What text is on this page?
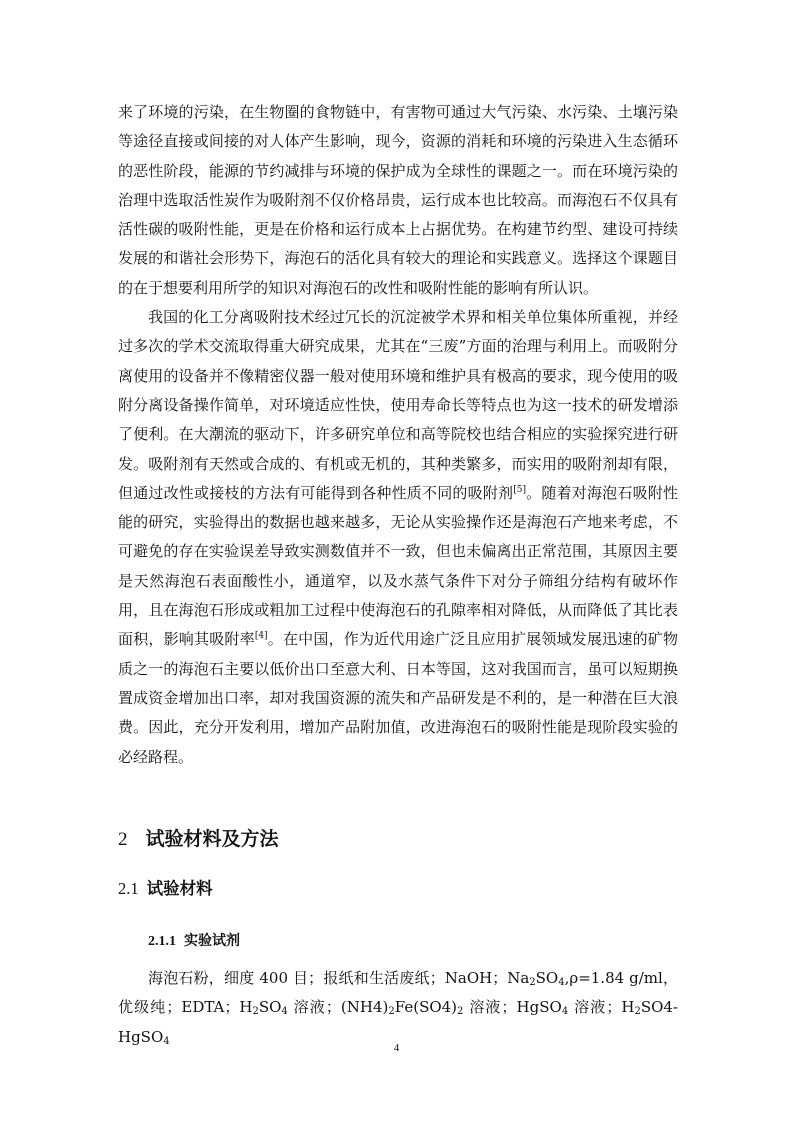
来了环境的污染，在生物圈的食物链中，有害物可通过大气污染、水污染、土壤污染等途径直接或间接的对人体产生影响，现今，资源的消耗和环境的污染进入生态循环的恶性阶段，能源的节约减排与环境的保护成为全球性的课题之一。而在环境污染的治理中选取活性炭作为吸附剂不仅价格昂贵，运行成本也比较高。而海泡石不仅具有活性碳的吸附性能，更是在价格和运行成本上占据优势。在构建节约型、建设可持续发展的和谐社会形势下，海泡石的活化具有较大的理论和实践意义。选择这个课题目的在于想要利用所学的知识对海泡石的改性和吸附性能的影响有所认识。

我国的化工分离吸附技术经过冗长的沉淀被学术界和相关单位集体所重视，并经过多次的学术交流取得重大研究成果，尤其在“三废”方面的治理与利用上。而吸附分离使用的设备并不像精密仪器一般对使用环境和维护具有极高的要求，现今使用的吸附分离设备操作简单，对环境适应性快，使用寿命长等特点也为这一技术的研发增添了便利。在大潮流的驱动下，许多研究单位和高等院校也结合相应的实验探究进行研发。吸附剂有天然或合成的、有机或无机的，其种类繁多，而实用的吸附剂却有限，但通过改性或接枝的方法有可能得到各种性质不同的吸附剂[5]。随着对海泡石吸附性能的研究，实验得出的数据也越来越多，无论从实验操作还是海泡石产地来考虑，不可避免的存在实验误差导致实测数值并不一致，但也未偏离出正常范围，其原因主要是天然海泡石表面酸性小，通道窄，以及水蒸气条件下对分子筛组分结构有破坏作用，且在海泡石形成或粗加工过程中使海泡石的孔隙率相对降低，从而降低了其比表面积，影响其吸附率[4]。在中国，作为近代用途广泛且应用扩展领域发展迅速的矿物质之一的海泡石主要以低价出口至意大利、日本等国，这对我国而言，虽可以短期换置成资金增加出口率，却对我国资源的流失和产品研发是不利的，是一种潜在巨大浪费。因此，充分开发利用，增加产品附加值，改进海泡石的吸附性能是现阶段实验的必经路程。

2 试验材料及方法
2.1 试验材料
2.1.1 实验试剂

海泡石粉，细度 400 目；报纸和生活废纸；NaOH；$Na_2SO_4,\rho=1.84$ g/ml，优级纯；EDTA；$H_2SO_4$ 溶液；$(NH4)_2Fe(SO4)_2$ 溶液；HgSO$_4$ 溶液；$H_2SO4-HgSO_4$

4
